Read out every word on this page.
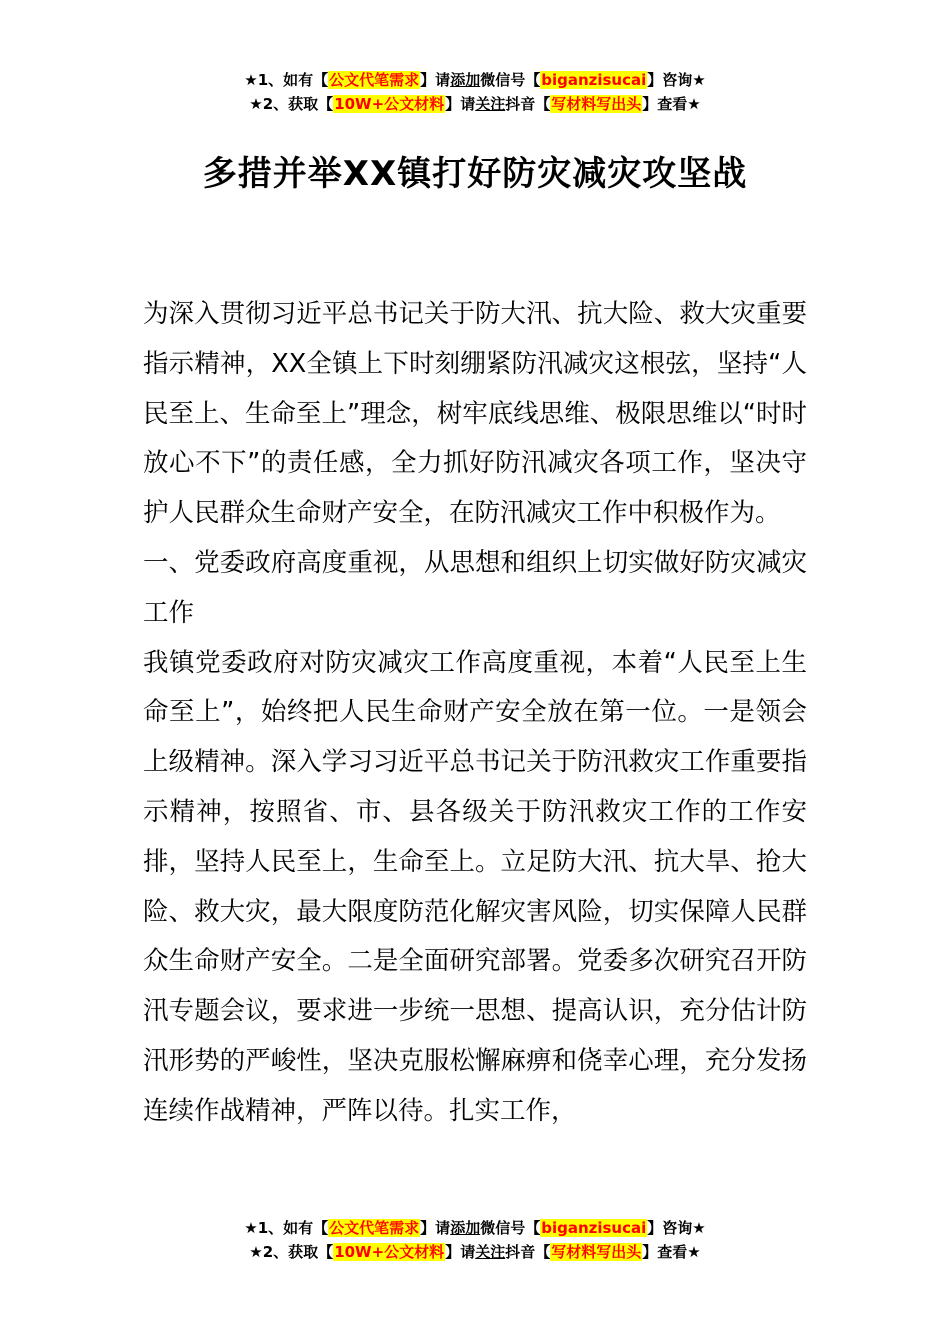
★1、如有【公文代笔需求】请添加微信号【biganzisucai】咨询★
★2、获取【10W+公文材料】请关注抖音【写材料写出头】查看★
多措并举XX镇打好防灾减灾攻坚战

为深入贯彻习近平总书记关于防大汛、抗大险、救大灾重要指示精神，XX全镇上下时刻绷紧防汛减灾这根弦，坚持“人民至上、生命至上”理念，树牢底线思维、极限思维以“时时放心不下”的责任感，全力抓好防汛减灾各项工作，坚决守护人民群众生命财产安全，在防汛减灾工作中积极作为。

一、党委政府高度重视，从思想和组织上切实做好防灾减灾工作

我镇党委政府对防灾减灾工作高度重视，本着“人民至上生命至上”，始终把人民生命财产安全放在第一位。一是领会上级精神。深入学习习近平总书记关于防汛救灾工作重要指示精神，按照省、市、县各级关于防汛救灾工作的工作安排，坚持人民至上，生命至上。立足防大汛、抗大旱、抢大险、救大灾，最大限度防范化解灾害风险，切实保障人民群众生命财产安全。二是全面研究部署。党委多次研究召开防汛专题会议，要求进一步统一思想、提高认识，充分估计防汛形势的严峻性，坚决克服松懈麻痹和侥幸心理，充分发扬连续作战精神，严阵以待。扎实工作，

★1、如有【公文代笔需求】请添加微信号【biganzisucai】咨询★
★2、获取【10W+公文材料】请关注抖音【写材料写出头】查看★
